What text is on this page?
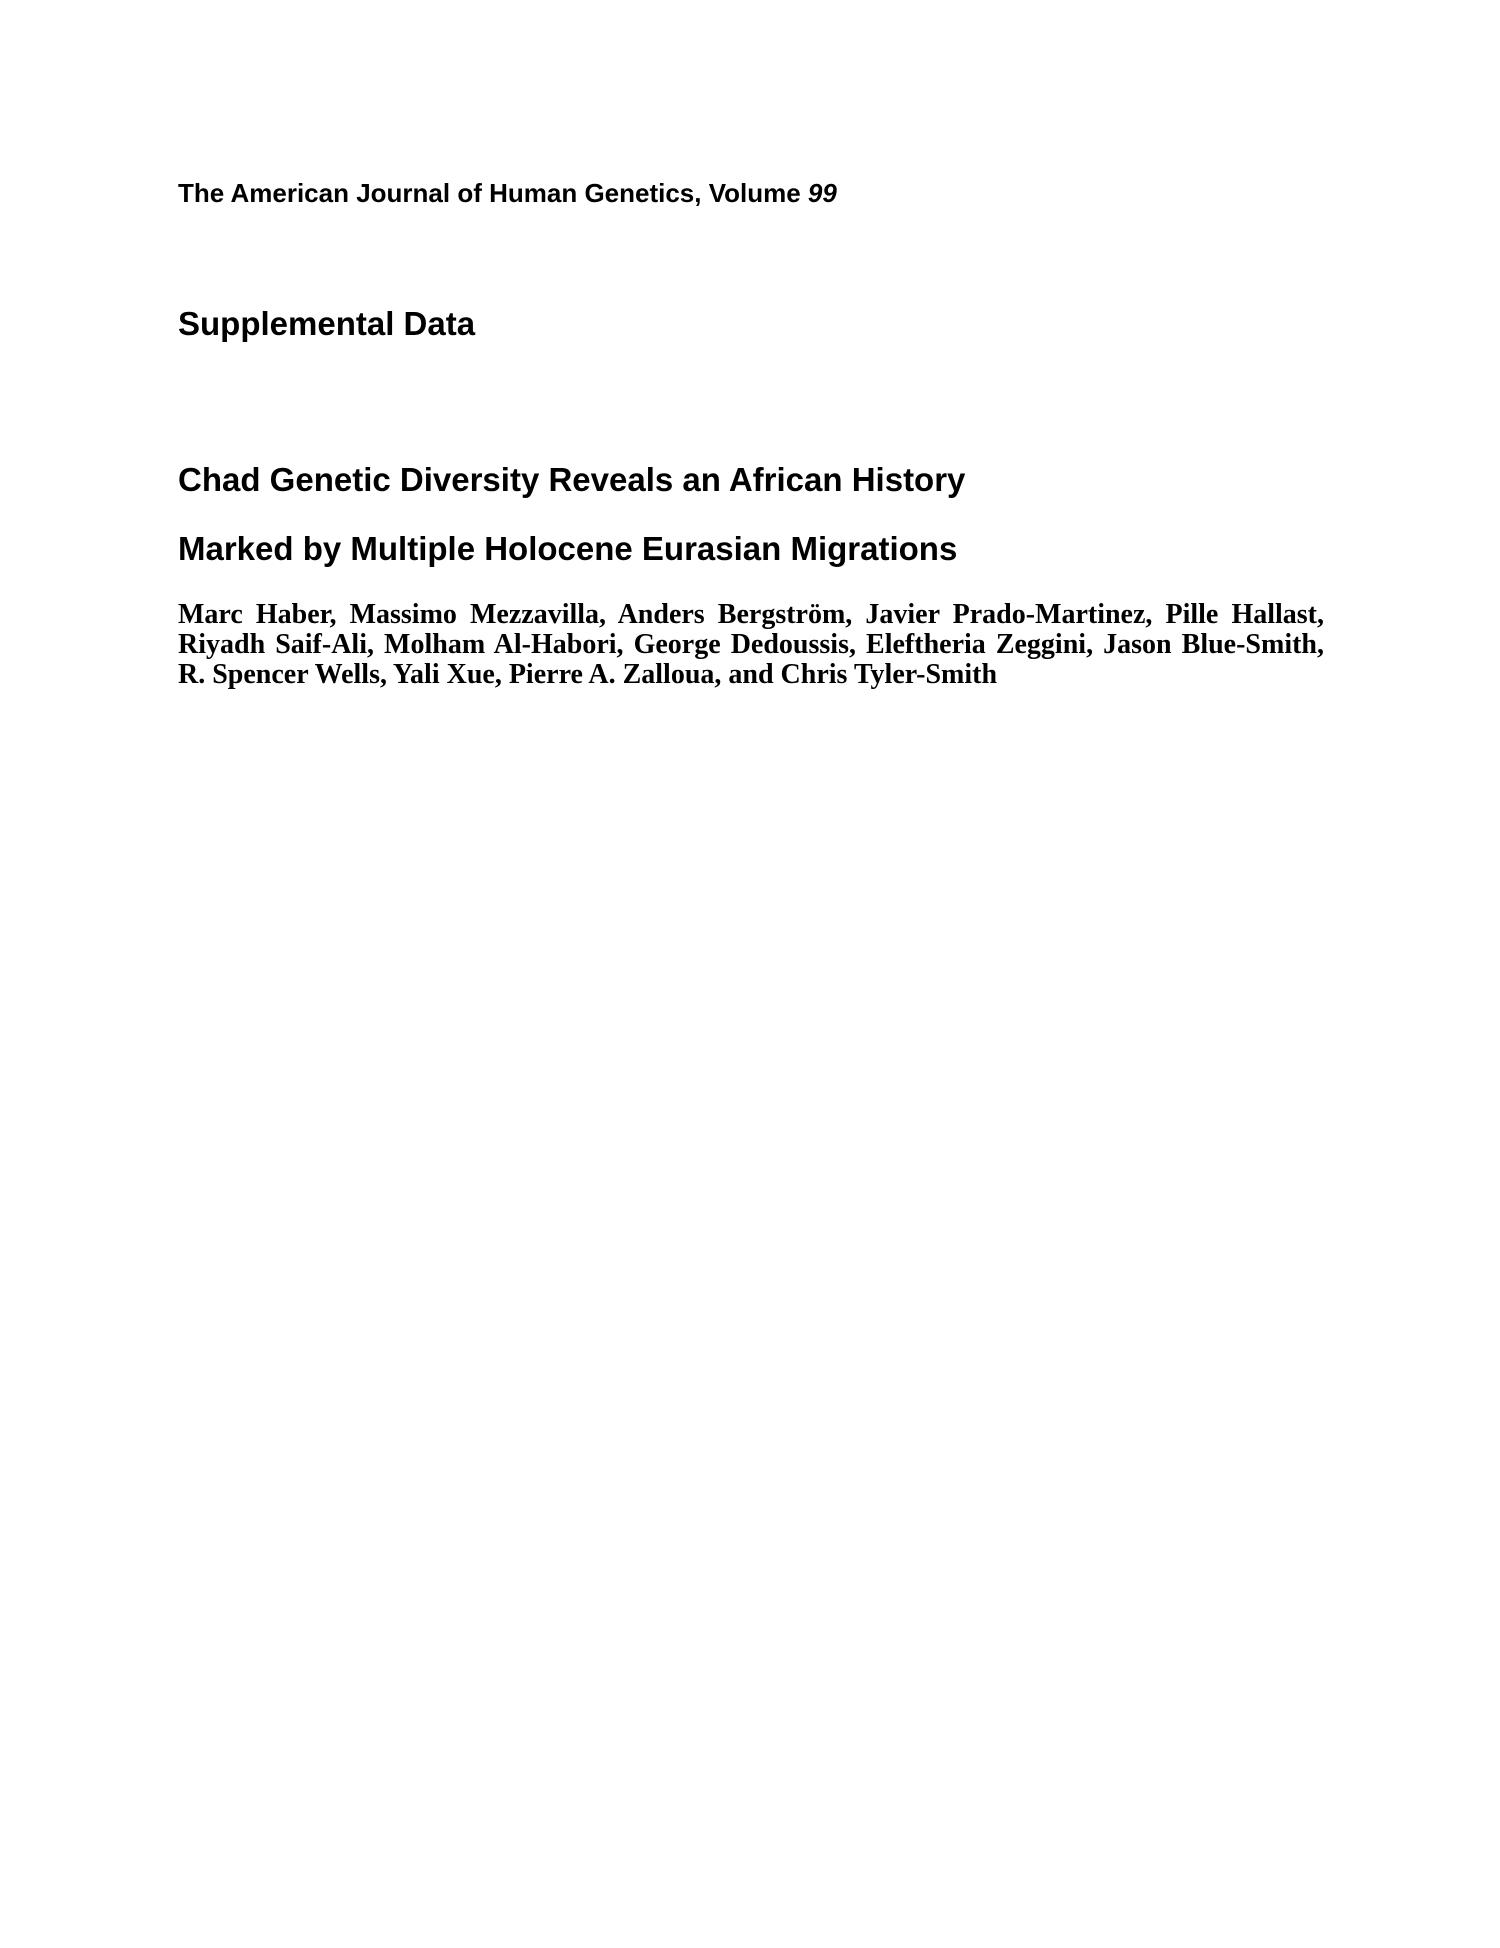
The American Journal of Human Genetics, Volume 99
Supplemental Data
Chad Genetic Diversity Reveals an African History
Marked by Multiple Holocene Eurasian Migrations
Marc Haber, Massimo Mezzavilla, Anders Bergström, Javier Prado-Martinez, Pille Hallast, Riyadh Saif-Ali, Molham Al-Habori, George Dedoussis, Eleftheria Zeggini, Jason Blue-Smith, R. Spencer Wells, Yali Xue, Pierre A. Zalloua, and Chris Tyler-Smith
